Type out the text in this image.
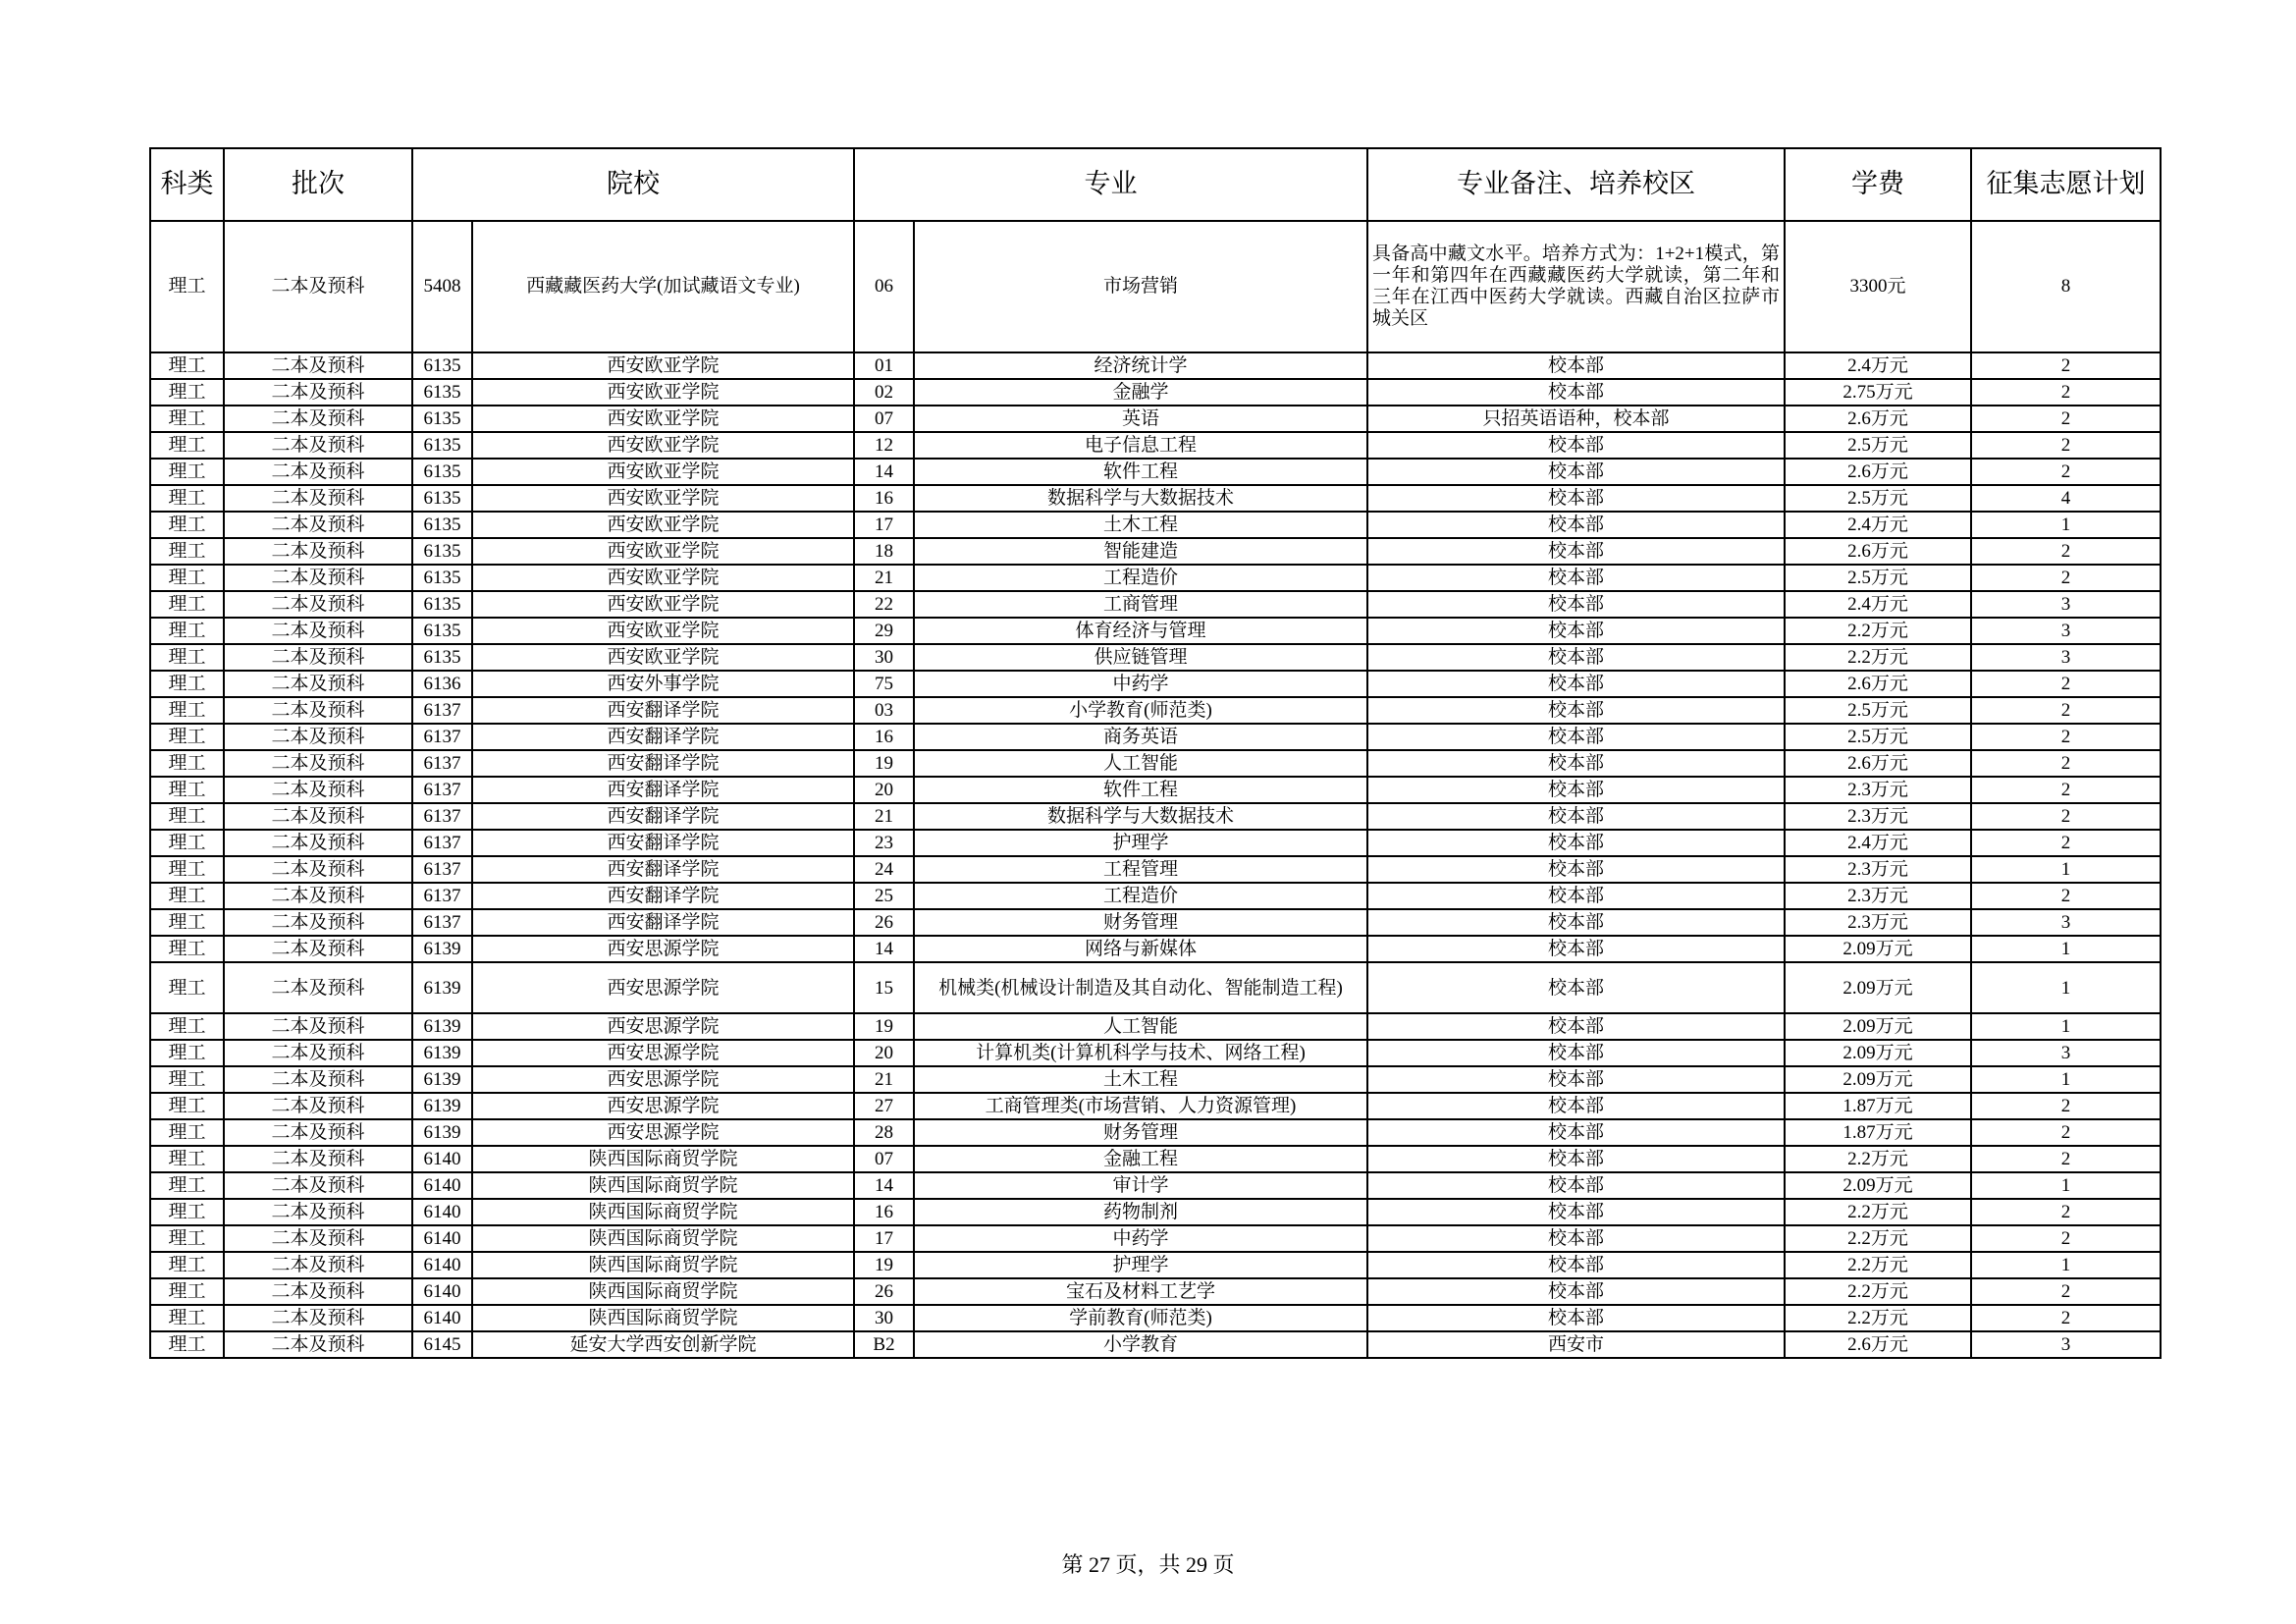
科类	批次	院校		专业		专业备注、培养校区	学费	征集志愿计划
理工	二本及预科	5408	西藏藏医药大学(加试藏语文专业)	06	市场营销	具备高中藏文水平。培养方式为：1+2+1模式，第一年和第四年在西藏藏医药大学就读，第二年和三年在江西中医药大学就读。西藏自治区拉萨市城关区	3300元	8
理工	二本及预科	6135	西安欧亚学院	01	经济统计学	校本部	2.4万元	2
理工	二本及预科	6135	西安欧亚学院	02	金融学	校本部	2.75万元	2
理工	二本及预科	6135	西安欧亚学院	07	英语	只招英语语种，校本部	2.6万元	2
理工	二本及预科	6135	西安欧亚学院	12	电子信息工程	校本部	2.5万元	2
理工	二本及预科	6135	西安欧亚学院	14	软件工程	校本部	2.6万元	2
理工	二本及预科	6135	西安欧亚学院	16	数据科学与大数据技术	校本部	2.5万元	4
理工	二本及预科	6135	西安欧亚学院	17	土木工程	校本部	2.4万元	1
理工	二本及预科	6135	西安欧亚学院	18	智能建造	校本部	2.6万元	2
理工	二本及预科	6135	西安欧亚学院	21	工程造价	校本部	2.5万元	2
理工	二本及预科	6135	西安欧亚学院	22	工商管理	校本部	2.4万元	3
理工	二本及预科	6135	西安欧亚学院	29	体育经济与管理	校本部	2.2万元	3
理工	二本及预科	6135	西安欧亚学院	30	供应链管理	校本部	2.2万元	3
理工	二本及预科	6136	西安外事学院	75	中药学	校本部	2.6万元	2
理工	二本及预科	6137	西安翻译学院	03	小学教育(师范类)	校本部	2.5万元	2
理工	二本及预科	6137	西安翻译学院	16	商务英语	校本部	2.5万元	2
理工	二本及预科	6137	西安翻译学院	19	人工智能	校本部	2.6万元	2
理工	二本及预科	6137	西安翻译学院	20	软件工程	校本部	2.3万元	2
理工	二本及预科	6137	西安翻译学院	21	数据科学与大数据技术	校本部	2.3万元	2
理工	二本及预科	6137	西安翻译学院	23	护理学	校本部	2.4万元	2
理工	二本及预科	6137	西安翻译学院	24	工程管理	校本部	2.3万元	1
理工	二本及预科	6137	西安翻译学院	25	工程造价	校本部	2.3万元	2
理工	二本及预科	6137	西安翻译学院	26	财务管理	校本部	2.3万元	3
理工	二本及预科	6139	西安思源学院	14	网络与新媒体	校本部	2.09万元	1
理工	二本及预科	6139	西安思源学院	15	机械类(机械设计制造及其自动化、智能制造工程)	校本部	2.09万元	1
理工	二本及预科	6139	西安思源学院	19	人工智能	校本部	2.09万元	1
理工	二本及预科	6139	西安思源学院	20	计算机类(计算机科学与技术、网络工程)	校本部	2.09万元	3
理工	二本及预科	6139	西安思源学院	21	土木工程	校本部	2.09万元	1
理工	二本及预科	6139	西安思源学院	27	工商管理类(市场营销、人力资源管理)	校本部	1.87万元	2
理工	二本及预科	6139	西安思源学院	28	财务管理	校本部	1.87万元	2
理工	二本及预科	6140	陕西国际商贸学院	07	金融工程	校本部	2.2万元	2
理工	二本及预科	6140	陕西国际商贸学院	14	审计学	校本部	2.09万元	1
理工	二本及预科	6140	陕西国际商贸学院	16	药物制剂	校本部	2.2万元	2
理工	二本及预科	6140	陕西国际商贸学院	17	中药学	校本部	2.2万元	2
理工	二本及预科	6140	陕西国际商贸学院	19	护理学	校本部	2.2万元	1
理工	二本及预科	6140	陕西国际商贸学院	26	宝石及材料工艺学	校本部	2.2万元	2
理工	二本及预科	6140	陕西国际商贸学院	30	学前教育(师范类)	校本部	2.2万元	2
理工	二本及预科	6145	延安大学西安创新学院	B2	小学教育	西安市	2.6万元	3
第 27 页，共 29 页
